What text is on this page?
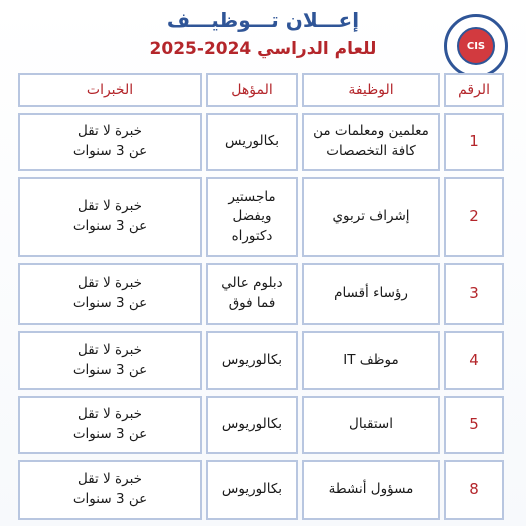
إعـــلان تـــوظيـــف
للعام الدراسي 2024-2025	CIS
الرقم
الوظيفة
المؤهل
الخبرات
1
معلمين ومعلمات من
كافة التخصصات
بكالوريس
خبرة لا تقل
عن 3 سنوات
2
إشراف تربوي
ماجستير
ويفضل
دكتوراه
خبرة لا تقل
عن 3 سنوات
3
رؤساء أقسام
دبلوم عالي
فما فوق
خبرة لا تقل
عن 3 سنوات
4
موظف IT
بكالوريوس
خبرة لا تقل
عن 3 سنوات
5
استقبال
بكالوريوس
خبرة لا تقل
عن 3 سنوات
8
مسؤول أنشطة
بكالوريوس
خبرة لا تقل
عن 3 سنوات
